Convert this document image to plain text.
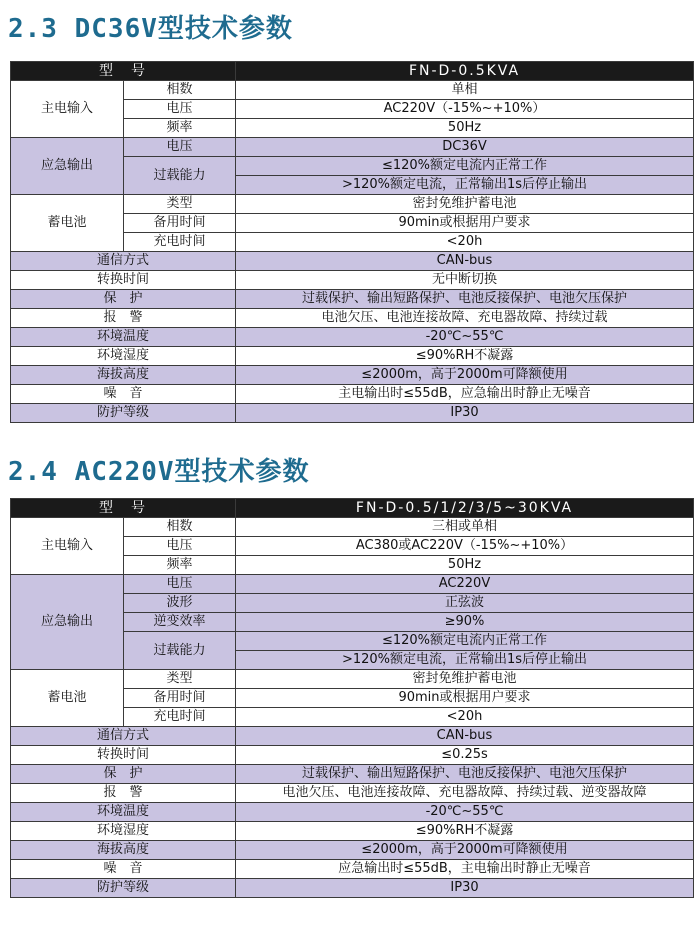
2.3 DC36V型技术参数
型　号		FN-D-0.5KVA
主电输入	相数	单相
	电压	AC220V（-15%~+10%）
	频率	50Hz
应急输出	电压	DC36V
	过载能力	≤120%额定电流内正常工作
		>120%额定电流，正常输出1s后停止输出
蓄电池	类型	密封免维护蓄电池
	备用时间	90min或根据用户要求
	充电时间	<20h
通信方式		CAN-bus
转换时间		无中断切换
保　护		过载保护、输出短路保护、电池反接保护、电池欠压保护
报　警		电池欠压、电池连接故障、充电器故障、持续过载
环境温度		-20℃~55℃
环境湿度		≤90%RH不凝露
海拔高度		≤2000m，高于2000m可降额使用
噪　音		主电输出时≤55dB，应急输出时静止无噪音
防护等级		IP30
2.4 AC220V型技术参数
型　号		FN-D-0.5/1/2/3/5~30KVA
主电输入	相数	三相或单相
	电压	AC380或AC220V（-15%~+10%）
	频率	50Hz
应急输出	电压	AC220V
	波形	正弦波
	逆变效率	≥90%
	过载能力	≤120%额定电流内正常工作
		>120%额定电流，正常输出1s后停止输出
蓄电池	类型	密封免维护蓄电池
	备用时间	90min或根据用户要求
	充电时间	<20h
通信方式		CAN-bus
转换时间		≤0.25s
保　护		过载保护、输出短路保护、电池反接保护、电池欠压保护
报　警		电池欠压、电池连接故障、充电器故障、持续过载、逆变器故障
环境温度		-20℃~55℃
环境湿度		≤90%RH不凝露
海拔高度		≤2000m，高于2000m可降额使用
噪　音		应急输出时≤55dB，主电输出时静止无噪音
防护等级		IP30
